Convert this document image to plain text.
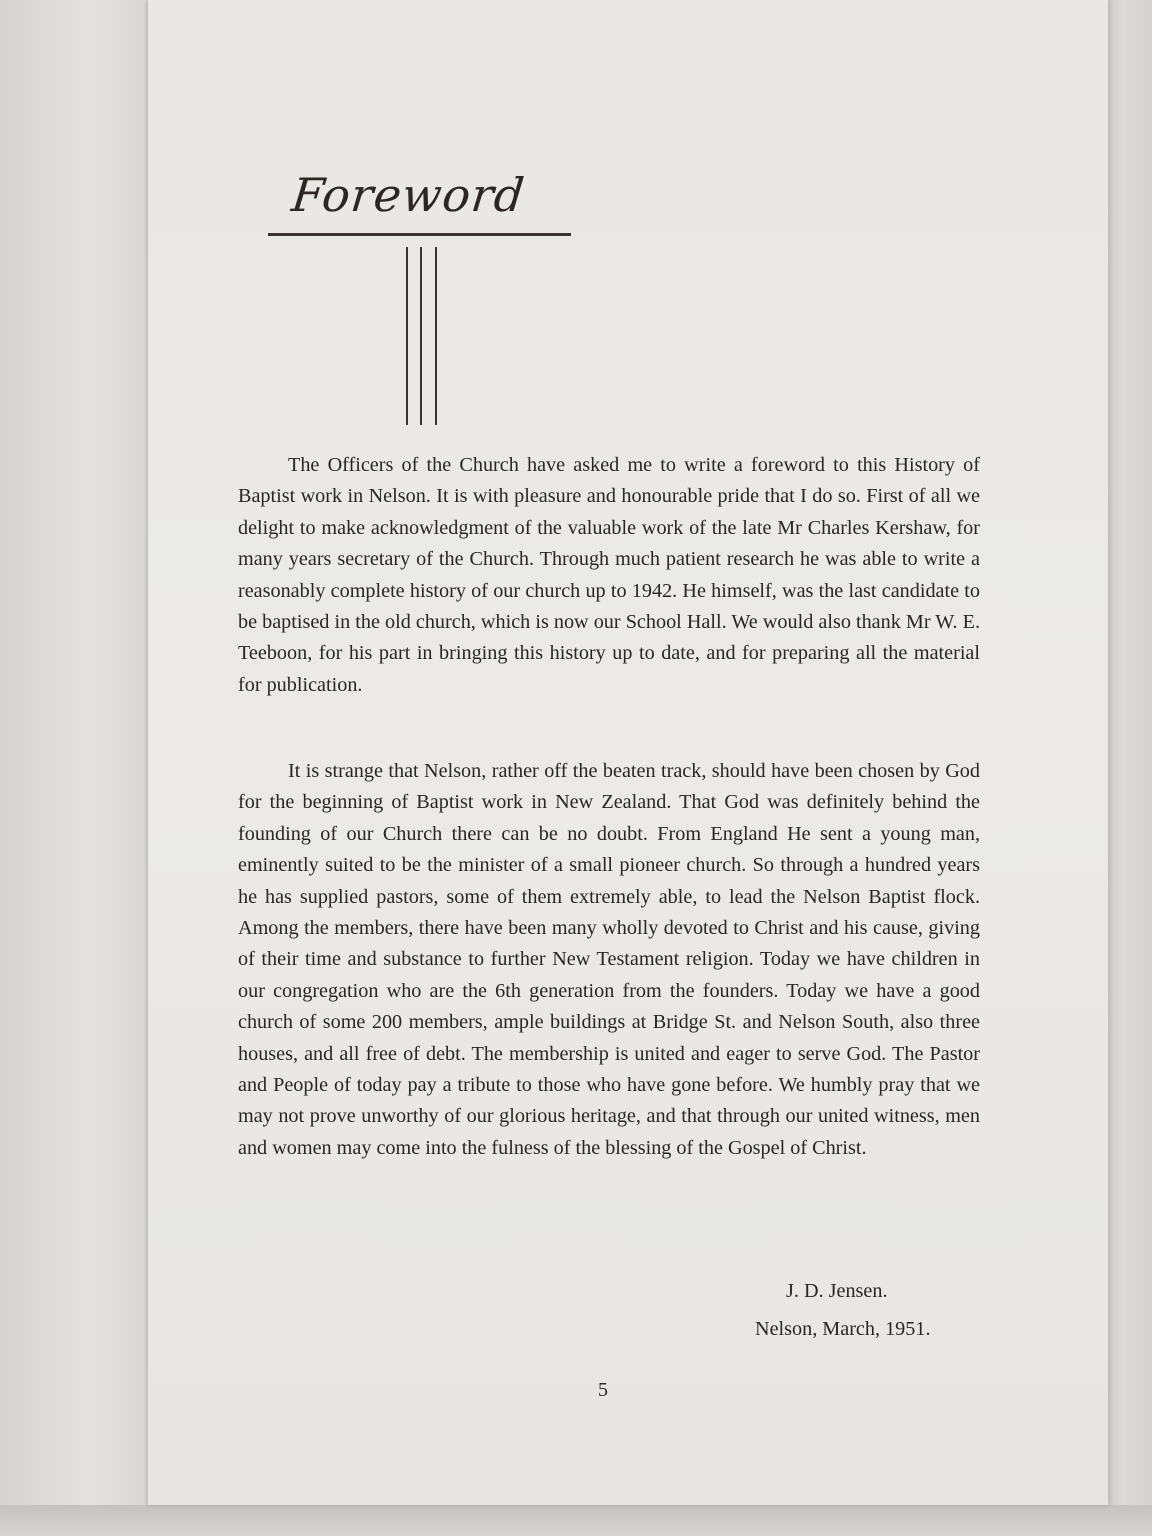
Foreword

The Officers of the Church have asked me to write a foreword to this History of Baptist work in Nelson. It is with pleasure and honourable pride that I do so. First of all we delight to make acknowledgment of the valuable work of the late Mr Charles Kershaw, for many years secretary of the Church. Through much patient research he was able to write a reasonably complete history of our church up to 1942. He himself, was the last candidate to be baptised in the old church, which is now our School Hall. We would also thank Mr W. E. Teeboon, for his part in bringing this history up to date, and for preparing all the material for publication.

It is strange that Nelson, rather off the beaten track, should have been chosen by God for the beginning of Baptist work in New Zealand. That God was definitely behind the founding of our Church there can be no doubt. From England He sent a young man, eminently suited to be the minister of a small pioneer church. So through a hundred years he has supplied pastors, some of them extremely able, to lead the Nelson Baptist flock. Among the members, there have been many wholly devoted to Christ and his cause, giving of their time and substance to further New Testament religion. Today we have children in our congregation who are the 6th generation from the founders. Today we have a good church of some 200 members, ample buildings at Bridge St. and Nelson South, also three houses, and all free of debt. The membership is united and eager to serve God. The Pastor and People of today pay a tribute to those who have gone before. We humbly pray that we may not prove unworthy of our glorious heritage, and that through our united witness, men and women may come into the fulness of the blessing of the Gospel of Christ.

J. D. Jensen.
Nelson, March, 1951.
5
